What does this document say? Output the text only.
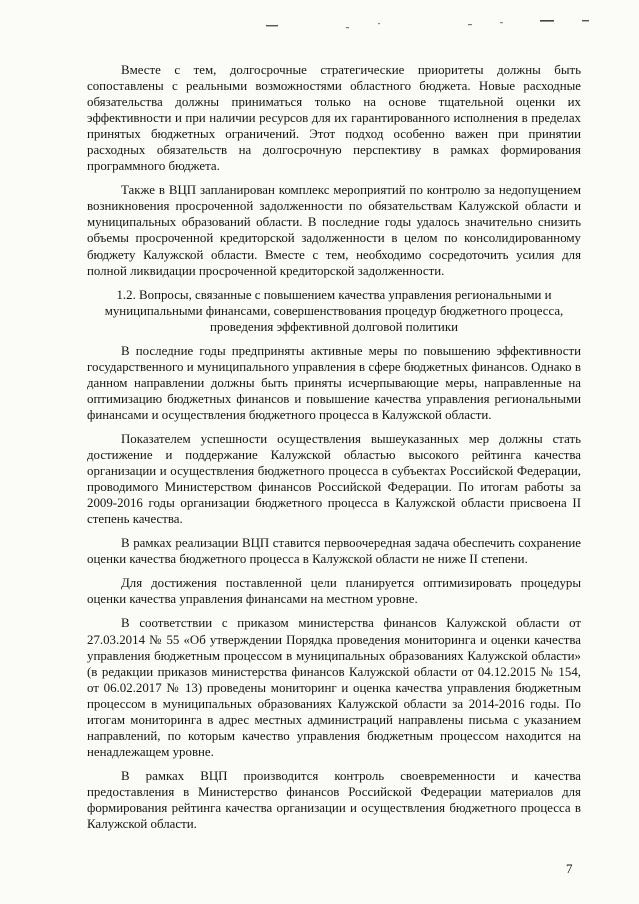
Вместе с тем, долгосрочные стратегические приоритеты должны быть сопоставлены с реальными возможностями областного бюджета. Новые расходные обязательства должны приниматься только на основе тщательной оценки их эффективности и при наличии ресурсов для их гарантированного исполнения в пределах принятых бюджетных ограничений. Этот подход особенно важен при принятии расходных обязательств на долгосрочную перспективу в рамках формирования программного бюджета.

Также в ВЦП запланирован комплекс мероприятий по контролю за недопущением возникновения просроченной задолженности по обязательствам Калужской области и муниципальных образований области. В последние годы удалось значительно снизить объемы просроченной кредиторской задолженности в целом по консолидированному бюджету Калужской области. Вместе с тем, необходимо сосредоточить усилия для полной ликвидации просроченной кредиторской задолженности.

1.2. Вопросы, связанные с повышением качества управления региональными и муниципальными финансами, совершенствования процедур бюджетного процесса, проведения эффективной долговой политики

В последние годы предприняты активные меры по повышению эффективности государственного и муниципального управления в сфере бюджетных финансов. Однако в данном направлении должны быть приняты исчерпывающие меры, направленные на оптимизацию бюджетных финансов и повышение качества управления региональными финансами и осуществления бюджетного процесса в Калужской области.

Показателем успешности осуществления вышеуказанных мер должны стать достижение и поддержание Калужской областью высокого рейтинга качества организации и осуществления бюджетного процесса в субъектах Российской Федерации, проводимого Министерством финансов Российской Федерации. По итогам работы за 2009-2016 годы организации бюджетного процесса в Калужской области присвоена II степень качества.

В рамках реализации ВЦП ставится первоочередная задача обеспечить сохранение оценки качества бюджетного процесса в Калужской области не ниже II степени.

Для достижения поставленной цели планируется оптимизировать процедуры оценки качества управления финансами на местном уровне.

В соответствии с приказом министерства финансов Калужской области от 27.03.2014 № 55 «Об утверждении Порядка проведения мониторинга и оценки качества управления бюджетным процессом в муниципальных образованиях Калужской области» (в редакции приказов министерства финансов Калужской области от 04.12.2015 № 154, от 06.02.2017 № 13) проведены мониторинг и оценка качества управления бюджетным процессом в муниципальных образованиях Калужской области за 2014-2016 годы. По итогам мониторинга в адрес местных администраций направлены письма с указанием направлений, по которым качество управления бюджетным процессом находится на ненадлежащем уровне.

В рамках ВЦП производится контроль своевременности и качества предоставления в Министерство финансов Российской Федерации материалов для формирования рейтинга качества организации и осуществления бюджетного процесса в Калужской области.

7
